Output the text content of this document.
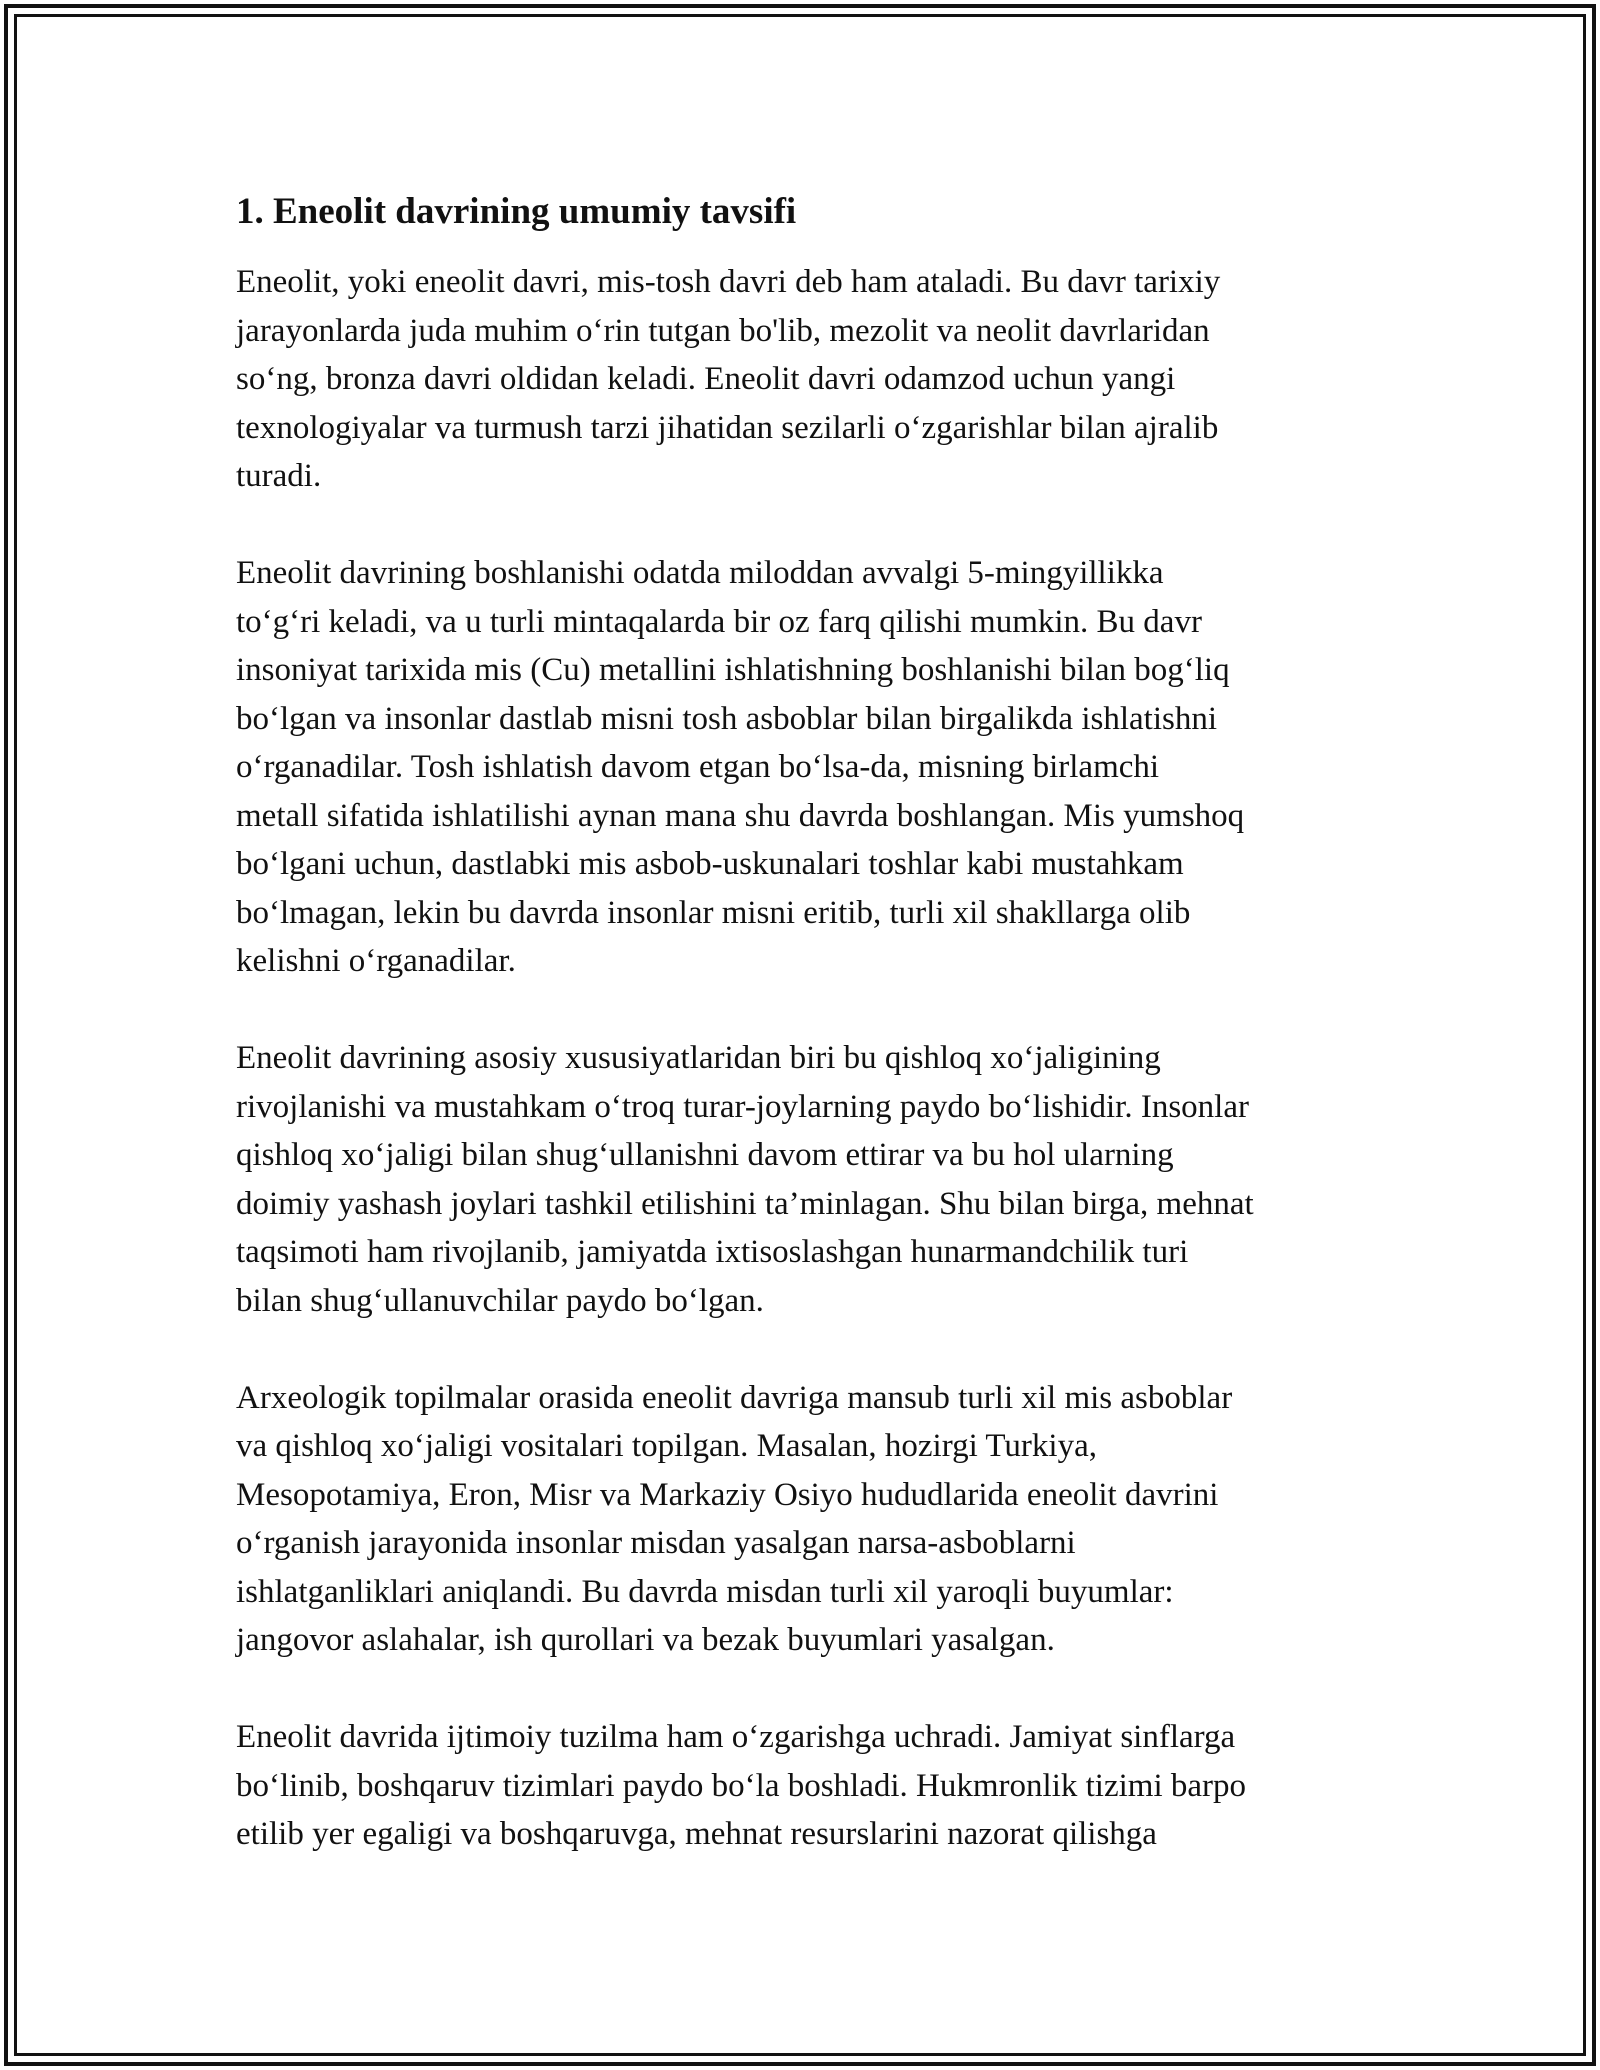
1. Eneolit davrining umumiy tavsifi

Eneolit, yoki eneolit davri, mis-tosh davri deb ham ataladi. Bu davr tarixiy
jarayonlarda juda muhim o‘rin tutgan bo'lib, mezolit va neolit davrlaridan
so‘ng, bronza davri oldidan keladi. Eneolit davri odamzod uchun yangi
texnologiyalar va turmush tarzi jihatidan sezilarli o‘zgarishlar bilan ajralib
turadi.

Eneolit davrining boshlanishi odatda miloddan avvalgi 5-mingyillikka
to‘g‘ri keladi, va u turli mintaqalarda bir oz farq qilishi mumkin. Bu davr
insoniyat tarixida mis (Cu) metallini ishlatishning boshlanishi bilan bog‘liq
bo‘lgan va insonlar dastlab misni tosh asboblar bilan birgalikda ishlatishni
o‘rganadilar. Tosh ishlatish davom etgan bo‘lsa-da, misning birlamchi
metall sifatida ishlatilishi aynan mana shu davrda boshlangan. Mis yumshoq
bo‘lgani uchun, dastlabki mis asbob-uskunalari toshlar kabi mustahkam
bo‘lmagan, lekin bu davrda insonlar misni eritib, turli xil shakllarga olib
kelishni o‘rganadilar.

Eneolit davrining asosiy xususiyatlaridan biri bu qishloq xo‘jaligining
rivojlanishi va mustahkam o‘troq turar-joylarning paydo bo‘lishidir. Insonlar
qishloq xo‘jaligi bilan shug‘ullanishni davom ettirar va bu hol ularning
doimiy yashash joylari tashkil etilishini ta’minlagan. Shu bilan birga, mehnat
taqsimoti ham rivojlanib, jamiyatda ixtisoslashgan hunarmandchilik turi
bilan shug‘ullanuvchilar paydo bo‘lgan.

Arxeologik topilmalar orasida eneolit davriga mansub turli xil mis asboblar
va qishloq xo‘jaligi vositalari topilgan. Masalan, hozirgi Turkiya,
Mesopotamiya, Eron, Misr va Markaziy Osiyo hududlarida eneolit davrini
o‘rganish jarayonida insonlar misdan yasalgan narsa-asboblarni
ishlatganliklari aniqlandi. Bu davrda misdan turli xil yaroqli buyumlar:
jangovor aslahalar, ish qurollari va bezak buyumlari yasalgan.

Eneolit davrida ijtimoiy tuzilma ham o‘zgarishga uchradi. Jamiyat sinflarga
bo‘linib, boshqaruv tizimlari paydo bo‘la boshladi. Hukmronlik tizimi barpo
etilib yer egaligi va boshqaruvga, mehnat resurslarini nazorat qilishga
